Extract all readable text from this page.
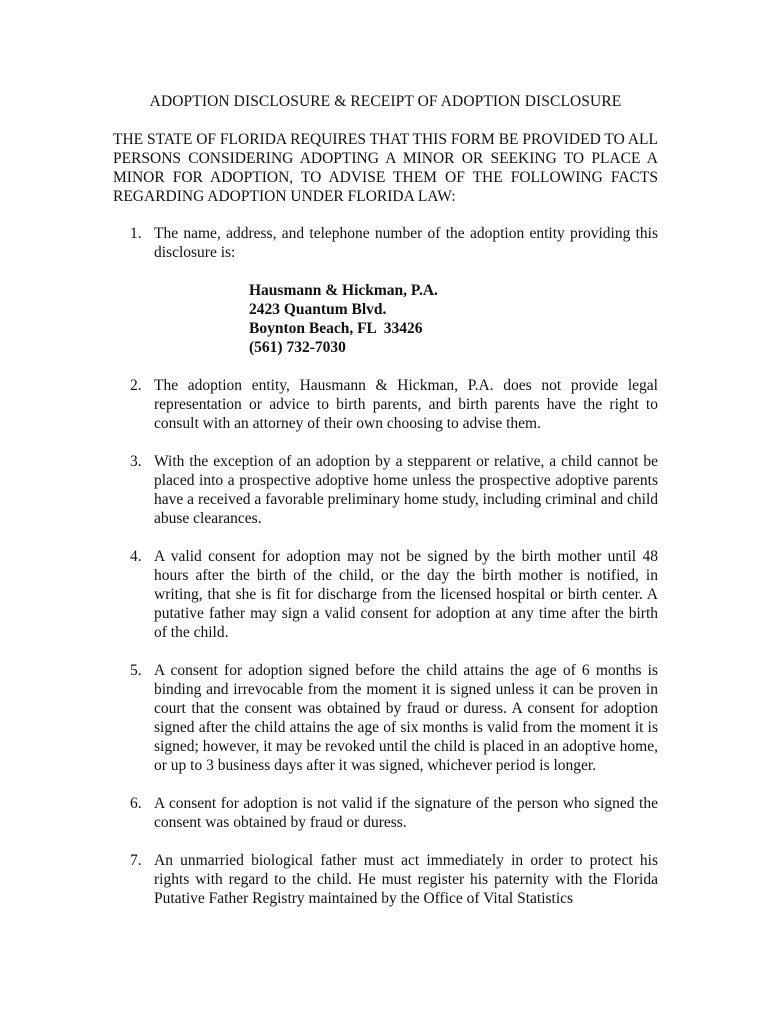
ADOPTION DISCLOSURE & RECEIPT OF ADOPTION DISCLOSURE
THE STATE OF FLORIDA REQUIRES THAT THIS FORM BE PROVIDED TO ALL PERSONS CONSIDERING ADOPTING A MINOR OR SEEKING TO PLACE A MINOR FOR ADOPTION, TO ADVISE THEM OF THE FOLLOWING FACTS REGARDING ADOPTION UNDER FLORIDA LAW:
1. The name, address, and telephone number of the adoption entity providing this disclosure is:
Hausmann & Hickman, P.A.
2423 Quantum Blvd.
Boynton Beach, FL  33426
(561) 732-7030
2. The adoption entity, Hausmann & Hickman, P.A. does not provide legal representation or advice to birth parents, and birth parents have the right to consult with an attorney of their own choosing to advise them.
3. With the exception of an adoption by a stepparent or relative, a child cannot be placed into a prospective adoptive home unless the prospective adoptive parents have a received a favorable preliminary home study, including criminal and child abuse clearances.
4. A valid consent for adoption may not be signed by the birth mother until 48 hours after the birth of the child, or the day the birth mother is notified, in writing, that she is fit for discharge from the licensed hospital or birth center. A putative father may sign a valid consent for adoption at any time after the birth of the child.
5. A consent for adoption signed before the child attains the age of 6 months is binding and irrevocable from the moment it is signed unless it can be proven in court that the consent was obtained by fraud or duress. A consent for adoption signed after the child attains the age of six months is valid from the moment it is signed; however, it may be revoked until the child is placed in an adoptive home, or up to 3 business days after it was signed, whichever period is longer.
6. A consent for adoption is not valid if the signature of the person who signed the consent was obtained by fraud or duress.
7. An unmarried biological father must act immediately in order to protect his rights with regard to the child. He must register his paternity with the Florida Putative Father Registry maintained by the Office of Vital Statistics
